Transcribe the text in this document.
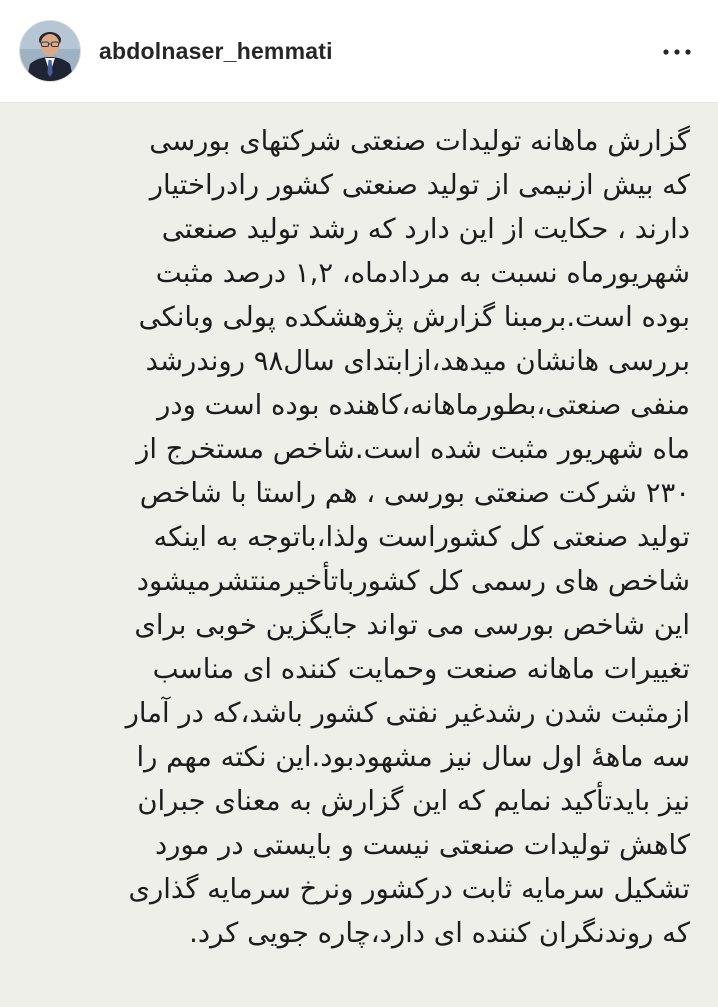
abdolnaser_hemmati
گزارش ماهانه تولیدات صنعتی شرکتهای بورسی
که بیش ازنیمی از تولید صنعتی کشور رادراختیار
دارند ، حکایت از این دارد که رشد تولید صنعتی
شهریورماه نسبت به مردادماه، ۱,۲ درصد مثبت
بوده است.برمبنا گزارش پژوهشکده پولی وبانکی
بررسی هانشان میدهد،ازابتدای سال۹۸ روندرشد
منفی صنعتی،بطورماهانه،کاهنده بوده است ودر
ماه شهریور مثبت شده است.شاخص مستخرج از
۲۳۰ شرکت صنعتی بورسی ، هم راستا با شاخص
تولید صنعتی کل کشوراست ولذا،باتوجه به اینکه
شاخص های رسمی کل کشورباتأخیرمنتشرمیشود
این شاخص بورسی می تواند جایگزین خوبی برای
تغییرات ماهانه صنعت وحمایت کننده ای مناسب
ازمثبت شدن رشدغیر نفتی کشور باشد،که در آمار
سه ماههٔ اول سال نیز مشهودبود.این نکته مهم را
نیز بایدتأکید نمایم که این گزارش به معنای جبران
کاهش تولیدات صنعتی نیست و بایستی در مورد
تشکیل سرمایه ثابت درکشور ونرخ سرمایه گذاری
که روندنگران کننده ای دارد،چاره جویی کرد.
